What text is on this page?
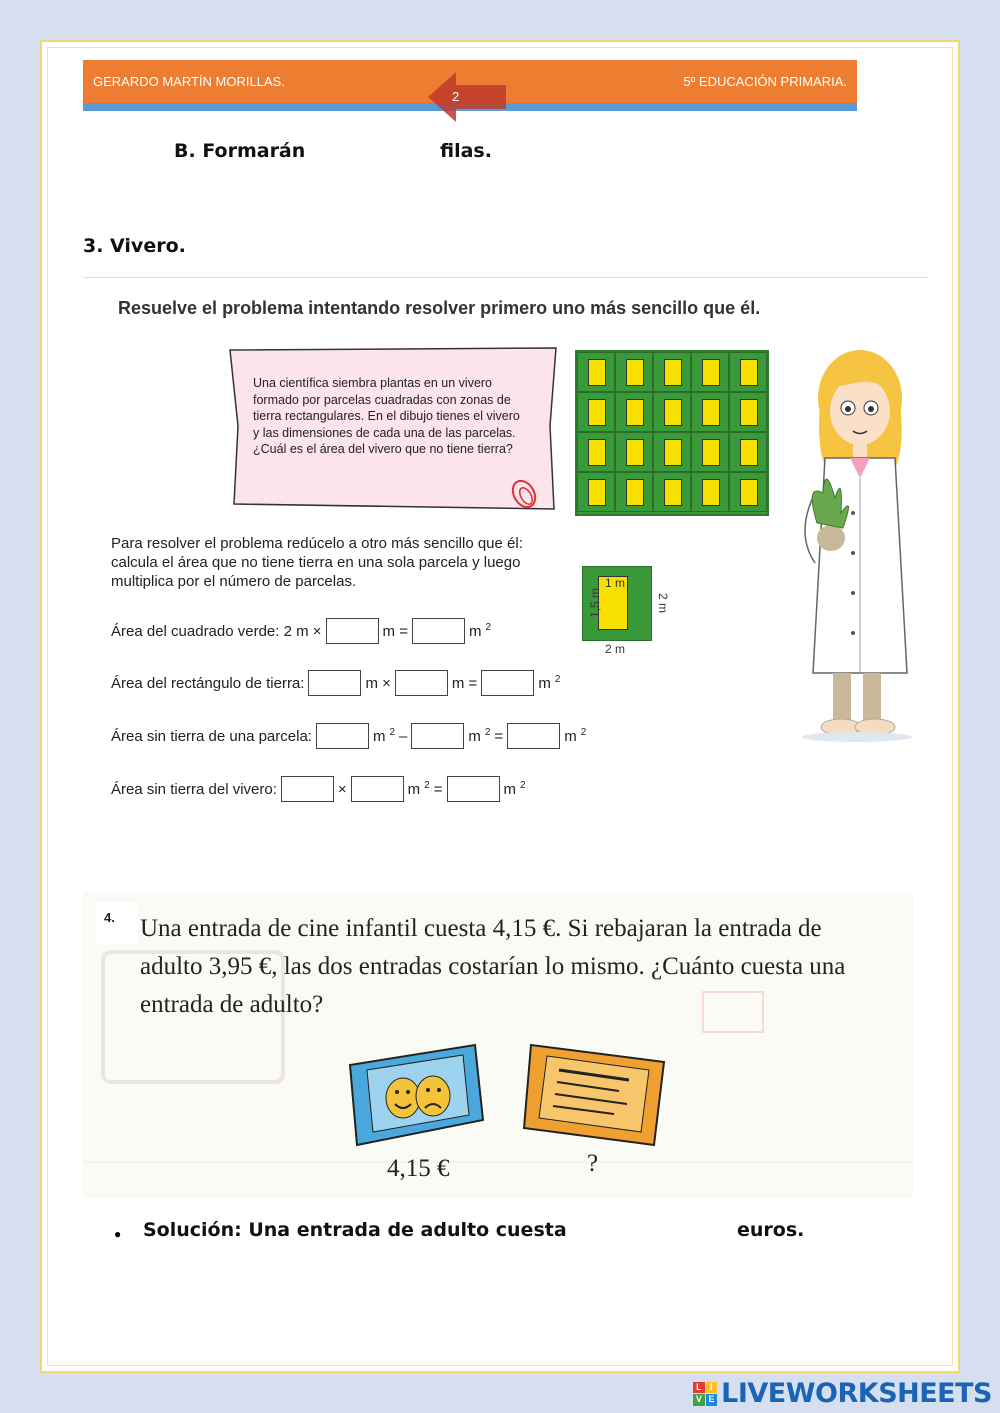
GERARDO MARTÍN MORILLAS.	5º EDUCACIÓN PRIMARIA.
2
B. Formarán	filas.
3. Vivero.
Resuelve el problema intentando resolver primero uno más sencillo que él.
Una científica siembra plantas en un vivero formado por parcelas cuadradas con zonas de tierra rectangulares. En el dibujo tienes el vivero y las dimensiones de cada una de las parcelas.¿Cuál es el área del vivero que no tiene tierra?
Para resolver el problema redúcelo a otro más sencillo que él: calcula el área que no tiene tierra en una sola parcela y luego multiplica por el número de parcelas.	1 m
1,5 m	2 m
2 m
Área del cuadrado verde: 2 m ×	m =	m $^2$
Área del rectángulo de tierra:	m ×	m =	m $^2$
Área sin tierra de una parcela:	m $^2$ –	m $^2$ =	m $^2$
Área sin tierra del vivero:	×	m $^2$ =	m $^2$
4.	Una entrada de cine infantil cuesta 4,15 €. Si rebajaran la entrada de adulto 3,95 €, las dos entradas costarían lo mismo. ¿Cuánto cuesta una entrada de adulto?
4,15 €	?
● Solución: Una entrada de adulto cuesta	euros.
L I
V E LIVEWORKSHEETS
